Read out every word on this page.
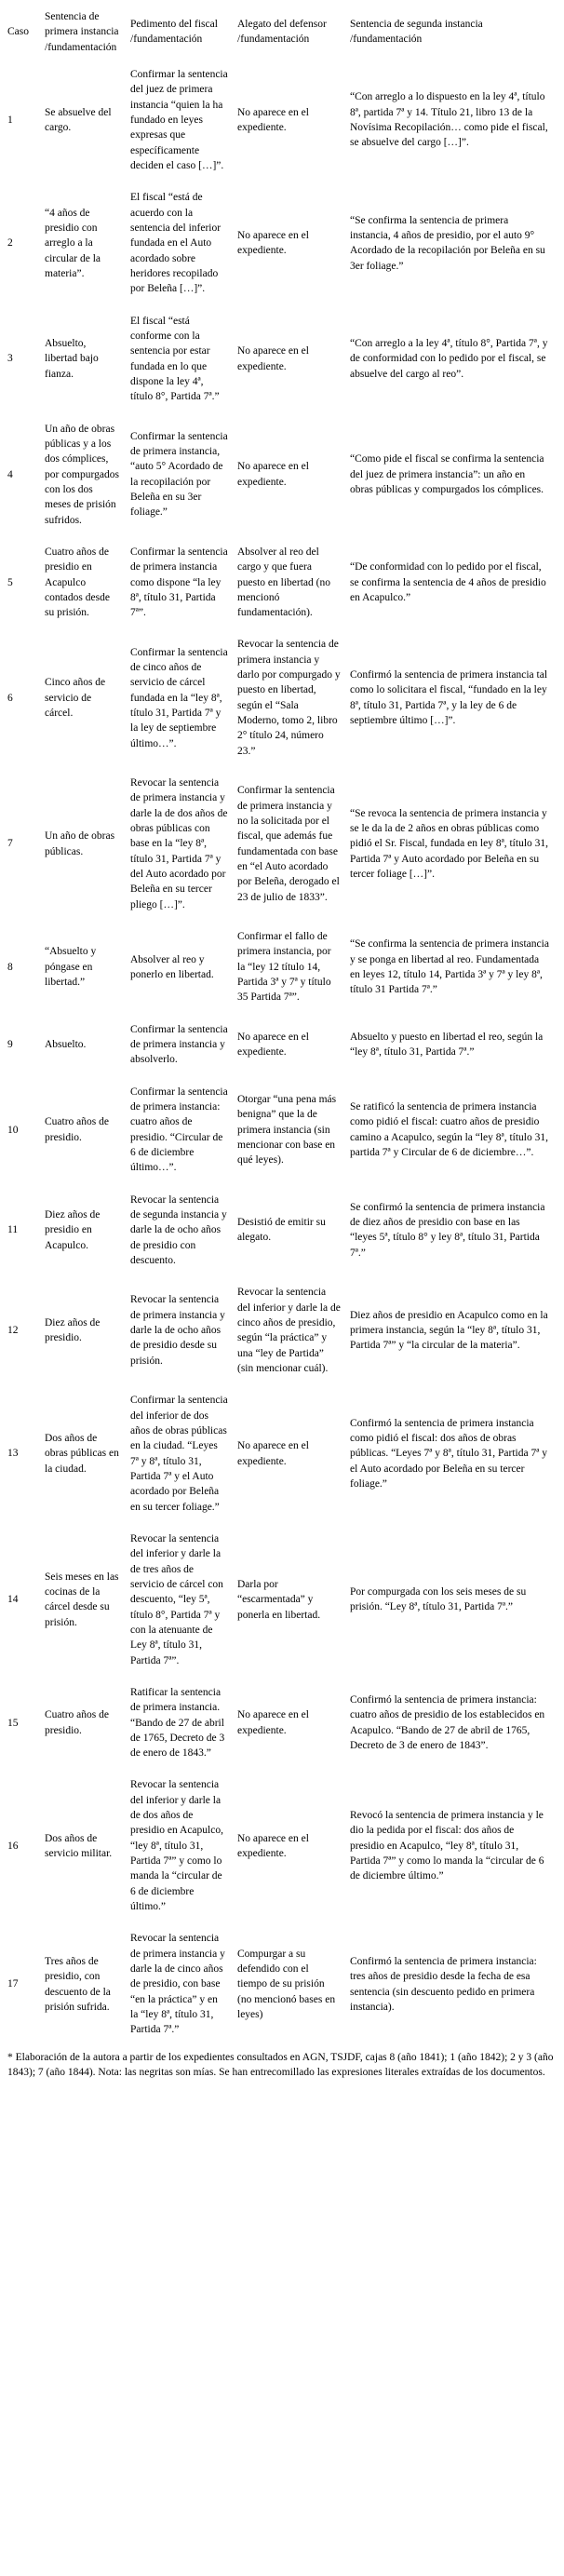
Caso	Sentencia de primera instancia /fundamentación	Pedimento del fiscal /fundamentación	Alegato del defensor /fundamentación	Sentencia de segunda instancia /fundamentación
1	Se absuelve del cargo.	Confirmar la sentencia del juez de primera instancia “quien la ha fundado en leyes expresas que específicamente deciden el caso […]”.	No aparece en el expediente.	“Con arreglo a lo dispuesto en la ley 4ª, título 8ª, partida 7ª y 14. Título 21, libro 13 de la Novísima Recopilación… como pide el fiscal, se absuelve del cargo […]”.
2	“4 años de presidio con arreglo a la circular de la materia”.	El fiscal “está de acuerdo con la sentencia del inferior fundada en el Auto acordado sobre heridores recopilado por Beleña […]”.	No aparece en el expediente.	“Se confirma la sentencia de primera instancia, 4 años de presidio, por el auto 9° Acordado de la recopilación por Beleña en su 3er foliage.”
3	Absuelto, libertad bajo fianza.	El fiscal “está conforme con la sentencia por estar fundada en lo que dispone la ley 4ª, título 8°, Partida 7ª.”	No aparece en el expediente.	“Con arreglo a la ley 4ª, título 8°, Partida 7ª, y de conformidad con lo pedido por el fiscal, se absuelve del cargo al reo”.
4	Un año de obras públicas y a los dos cómplices, por compurgados con los dos meses de prisión sufridos.	Confirmar la sentencia de primera instancia, “auto 5° Acordado de la recopilación por Beleña en su 3er foliage.”	No aparece en el expediente.	“Como pide el fiscal se confirma la sentencia del juez de primera instancia”: un año en obras públicas y compurgados los cómplices.
5	Cuatro años de presidio en Acapulco contados desde su prisión.	Confirmar la sentencia de primera instancia como dispone “la ley 8ª, título 31, Partida 7ª”.	Absolver al reo del cargo y que fuera puesto en libertad (no mencionó fundamentación).	“De conformidad con lo pedido por el fiscal, se confirma la sentencia de 4 años de presidio en Acapulco.”
6	Cinco años de servicio de cárcel.	Confirmar la sentencia de cinco años de servicio de cárcel fundada en la “ley 8ª, título 31, Partida 7ª y la ley de septiembre último…”.	Revocar la sentencia de primera instancia y darlo por compurgado y puesto en libertad, según el “Sala Moderno, tomo 2, libro 2° título 24, número 23.”	Confirmó la sentencia de primera instancia tal como lo solicitara el fiscal, “fundado en la ley 8ª, título 31, Partida 7ª, y la ley de 6 de septiembre último […]”.
7	Un año de obras públicas.	Revocar la sentencia de primera instancia y darle la de dos años de obras públicas con base en la “ley 8ª, título 31, Partida 7ª y del Auto acordado por Beleña en su tercer pliego […]”.	Confirmar la sentencia de primera instancia y no la solicitada por el fiscal, que además fue fundamentada con base en “el Auto acordado por Beleña, derogado el 23 de julio de 1833”.	“Se revoca la sentencia de primera instancia y se le da la de 2 años en obras públicas como pidió el Sr. Fiscal, fundada en ley 8ª, título 31, Partida 7ª y Auto acordado por Beleña en su tercer foliage […]”.
8	“Absuelto y póngase en libertad.”	Absolver al reo y ponerlo en libertad.	Confirmar el fallo de primera instancia, por la “ley 12 título 14, Partida 3ª y 7ª y título 35 Partida 7ª”.	“Se confirma la sentencia de primera instancia y se ponga en libertad al reo. Fundamentada en leyes 12, título 14, Partida 3ª y 7ª y ley 8ª, título 31 Partida 7ª.”
9	Absuelto.	Confirmar la sentencia de primera instancia y absolverlo.	No aparece en el expediente.	Absuelto y puesto en libertad el reo, según la “ley 8ª, título 31, Partida 7ª.”
10	Cuatro años de presidio.	Confirmar la sentencia de primera instancia: cuatro años de presidio. “Circular de 6 de diciembre último…”.	Otorgar “una pena más benigna” que la de primera instancia (sin mencionar con base en qué leyes).	Se ratificó la sentencia de primera instancia como pidió el fiscal: cuatro años de presidio camino a Acapulco, según la “ley 8ª, título 31, partida 7ª y Circular de 6 de diciembre…”.
11	Diez años de presidio en Acapulco.	Revocar la sentencia de segunda instancia y darle la de ocho años de presidio con descuento.	Desistió de emitir su alegato.	Se confirmó la sentencia de primera instancia de diez años de presidio con base en las “leyes 5ª, título 8° y ley 8ª, título 31, Partida 7ª.”
12	Diez años de presidio.	Revocar la sentencia de primera instancia y darle la de ocho años de presidio desde su prisión.	Revocar la sentencia del inferior y darle la de cinco años de presidio, según “la práctica” y una “ley de Partida” (sin mencionar cuál).	Diez años de presidio en Acapulco como en la primera instancia, según la “ley 8ª, título 31, Partida 7ª” y “la circular de la materia”.
13	Dos años de obras públicas en la ciudad.	Confirmar la sentencia del inferior de dos años de obras públicas en la ciudad. “Leyes 7ª y 8ª, título 31, Partida 7ª y el Auto acordado por Beleña en su tercer foliage.”	No aparece en el expediente.	Confirmó la sentencia de primera instancia como pidió el fiscal: dos años de obras públicas. “Leyes 7ª y 8ª, título 31, Partida 7ª y el Auto acordado por Beleña en su tercer foliage.”
14	Seis meses en las cocinas de la cárcel desde su prisión.	Revocar la sentencia del inferior y darle la de tres años de servicio de cárcel con descuento, “ley 5ª, título 8°, Partida 7ª y con la atenuante de Ley 8ª, título 31, Partida 7ª”.	Darla por “escarmentada” y ponerla en libertad.	Por compurgada con los seis meses de su prisión. “Ley 8ª, título 31, Partida 7ª.”
15	Cuatro años de presidio.	Ratificar la sentencia de primera instancia. “Bando de 27 de abril de 1765, Decreto de 3 de enero de 1843.”	No aparece en el expediente.	Confirmó la sentencia de primera instancia: cuatro años de presidio de los establecidos en Acapulco. “Bando de 27 de abril de 1765, Decreto de 3 de enero de 1843”.
16	Dos años de servicio militar.	Revocar la sentencia del inferior y darle la de dos años de presidio en Acapulco, “ley 8ª, título 31, Partida 7ª” y como lo manda la “circular de 6 de diciembre último.”	No aparece en el expediente.	Revocó la sentencia de primera instancia y le dio la pedida por el fiscal: dos años de presidio en Acapulco, “ley 8ª, título 31, Partida 7ª” y como lo manda la “circular de 6 de diciembre último.”
17	Tres años de presidio, con descuento de la prisión sufrida.	Revocar la sentencia de primera instancia y darle la de cinco años de presidio, con base “en la práctica” y en la “ley 8ª, título 31, Partida 7ª.”	Compurgar a su defendido con el tiempo de su prisión (no mencionó bases en leyes)	Confirmó la sentencia de primera instancia: tres años de presidio desde la fecha de esa sentencia (sin descuento pedido en primera instancia).

* Elaboración de la autora a partir de los expedientes consultados en AGN, TSJDF, cajas 8 (año 1841); 1 (año 1842); 2 y 3 (año 1843); 7 (año 1844). Nota: las negritas son mías. Se han entrecomillado las expresiones literales extraídas de los documentos.
